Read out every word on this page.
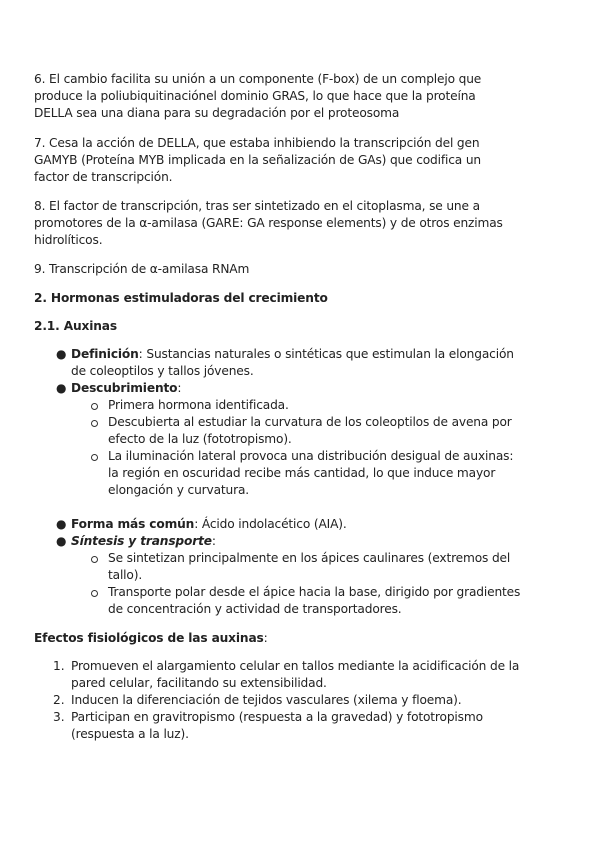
6. El cambio facilita su unión a un componente (F-box) de un complejo que
produce la poliubiquitinaciónel dominio GRAS, lo que hace que la proteína
DELLA sea una diana para su degradación por el proteosoma
7. Cesa la acción de DELLA, que estaba inhibiendo la transcripción del gen
GAMYB (Proteína MYB implicada en la señalización de GAs) que codifica un
factor de transcripción.
8. El factor de transcripción, tras ser sintetizado en el citoplasma, se une a
promotores de la α-amilasa (GARE: GA response elements) y de otros enzimas
hidrolíticos.
9. Transcripción de α-amilasa RNAm
2. Hormonas estimuladoras del crecimiento
2.1. Auxinas
● Definición: Sustancias naturales o sintéticas que estimulan la elongación
de coleoptilos y tallos jóvenes.
● Descubrimiento:
Primera hormona identificada.
Descubierta al estudiar la curvatura de los coleoptilos de avena por
efecto de la luz (fototropismo).
La iluminación lateral provoca una distribución desigual de auxinas:
la región en oscuridad recibe más cantidad, lo que induce mayor
elongación y curvatura.
● Forma más común: Ácido indolacético (AIA).
● Síntesis y transporte:
Se sintetizan principalmente en los ápices caulinares (extremos del
tallo).
Transporte polar desde el ápice hacia la base, dirigido por gradientes
de concentración y actividad de transportadores.
Efectos fisiológicos de las auxinas:
1. Promueven el alargamiento celular en tallos mediante la acidificación de la
pared celular, facilitando su extensibilidad.
2. Inducen la diferenciación de tejidos vasculares (xilema y floema).
3. Participan en gravitropismo (respuesta a la gravedad) y fototropismo
(respuesta a la luz).
